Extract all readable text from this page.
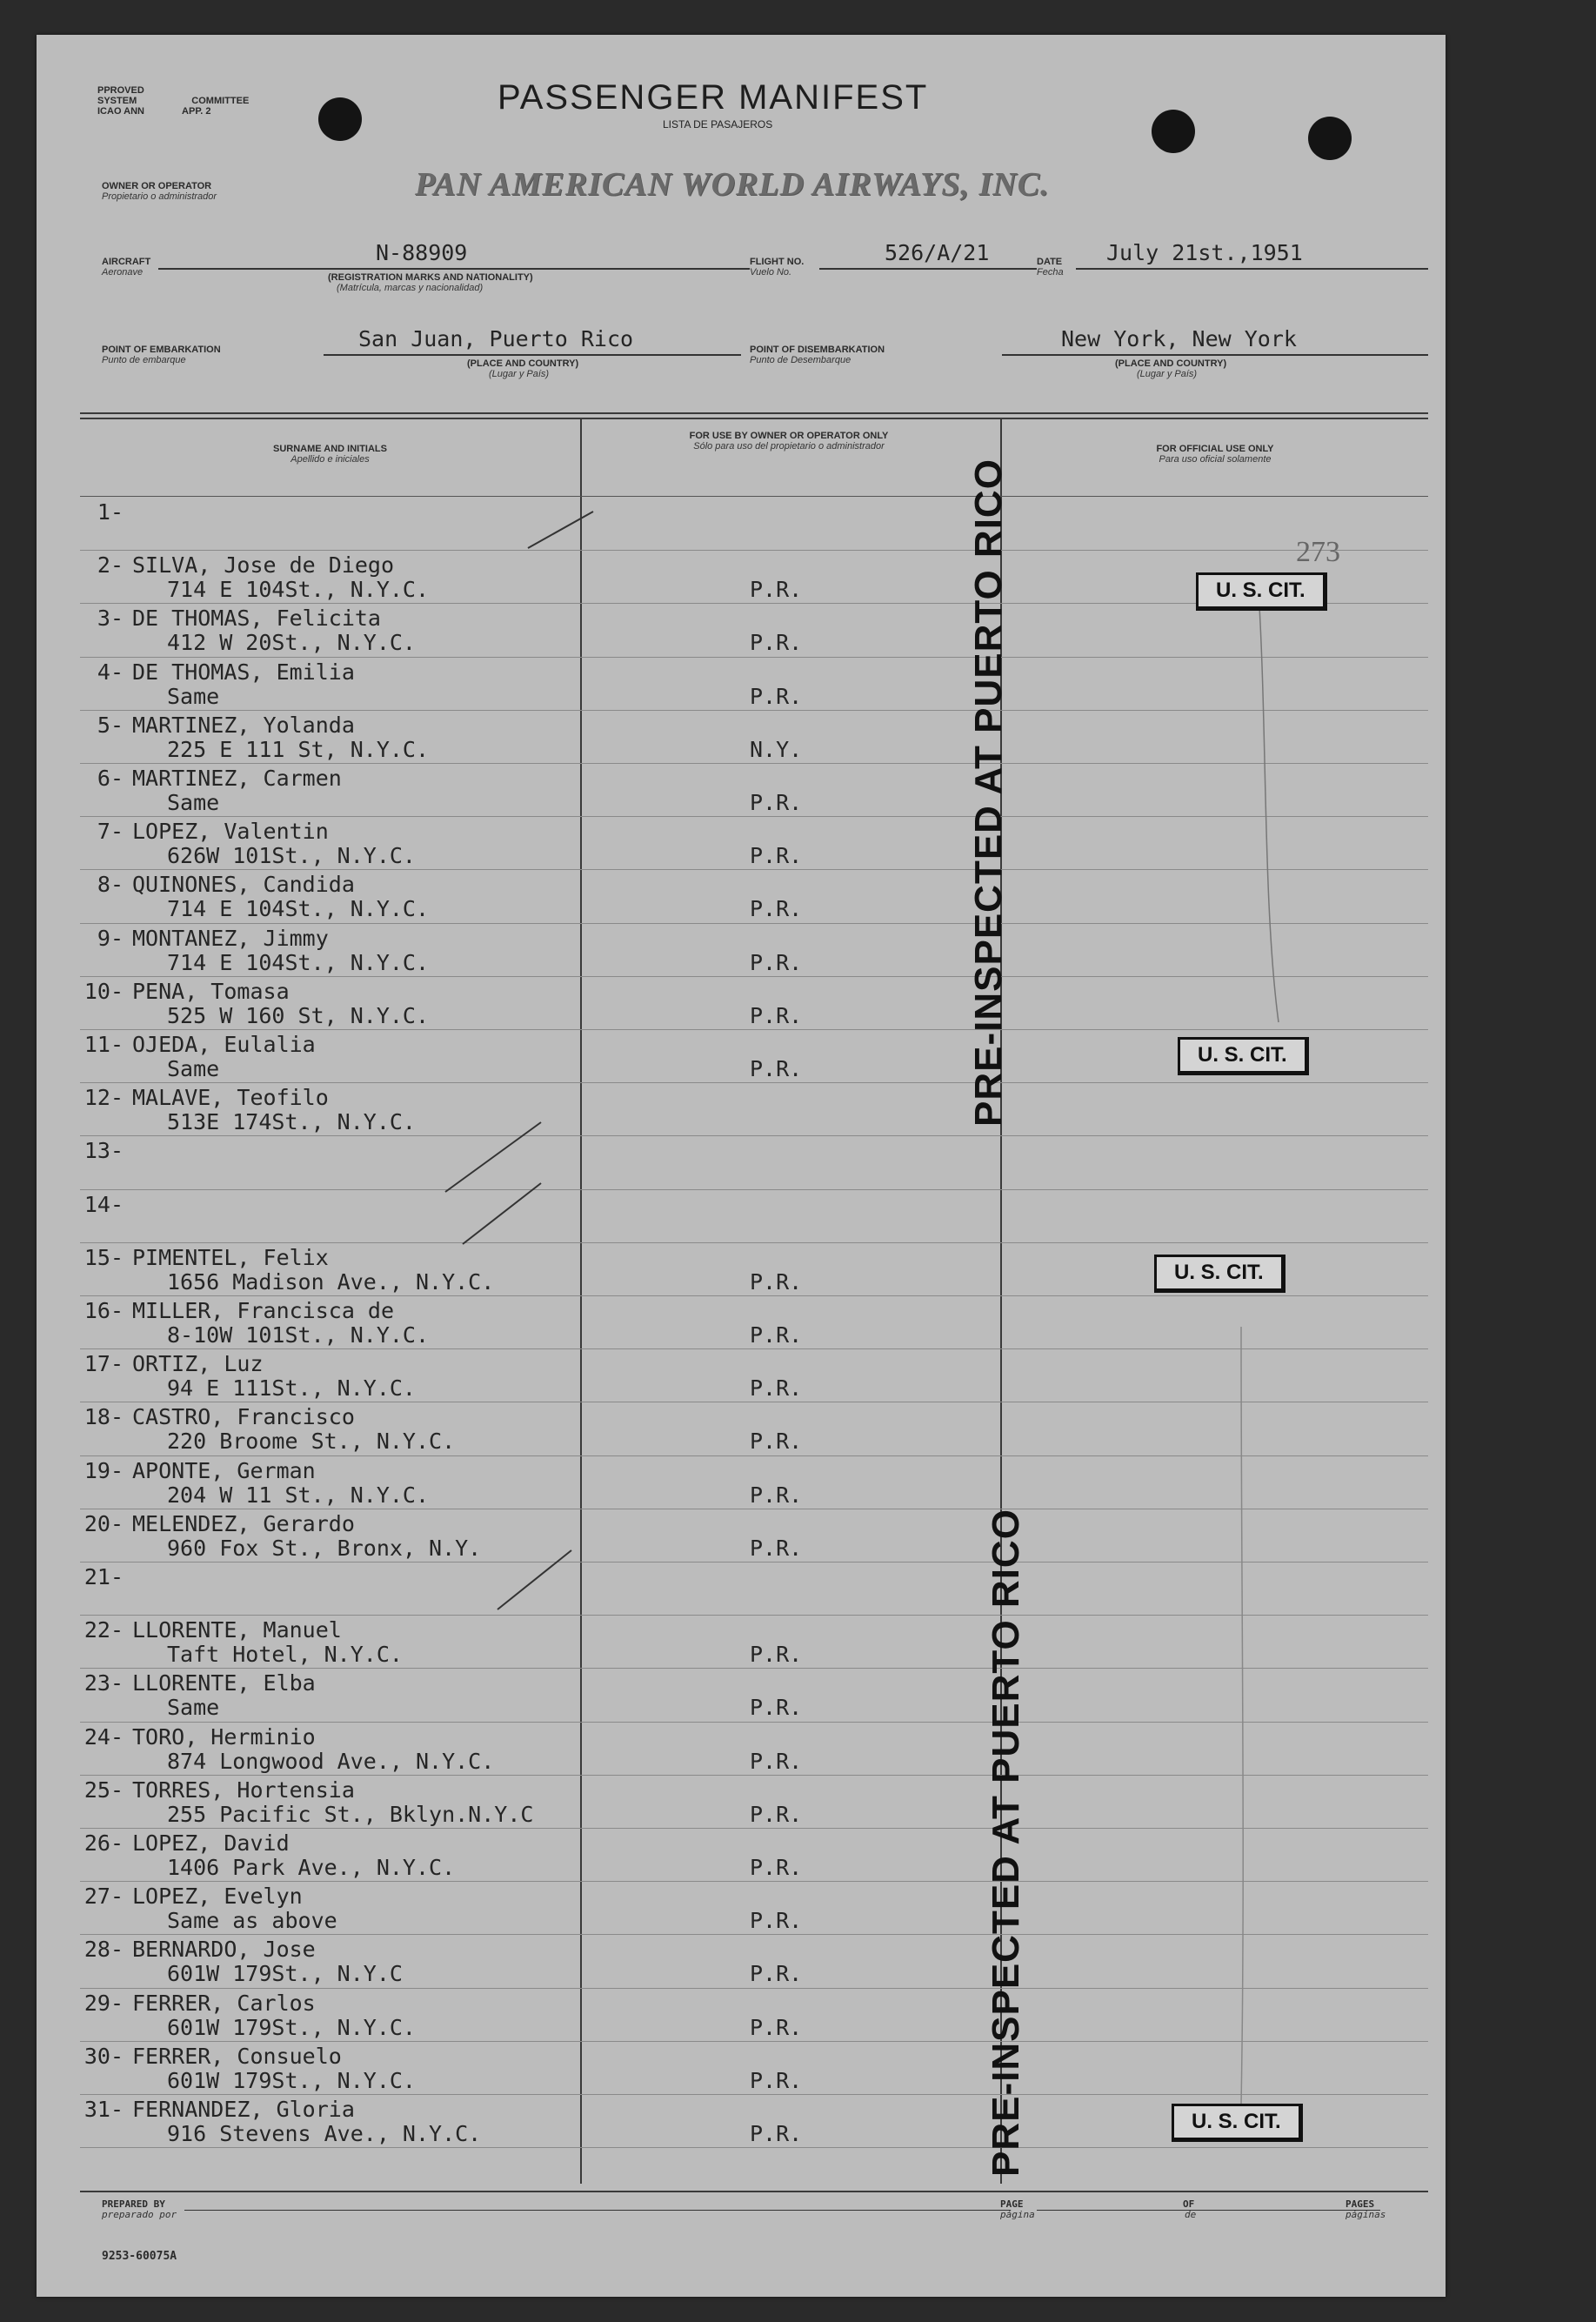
PPROVED
SYSTEM	COMMITTEE
ICAO ANN	APP. 2	PASSENGER MANIFEST
LISTA DE PASAJEROS
OWNER OR OPERATOR
Propietario o administrador	PAN AMERICAN WORLD AIRWAYS, INC.
AIRCRAFT
Aeronave
N-88909
(REGISTRATION MARKS AND NATIONALITY)
(Matrícula, marcas y nacionalidad)
FLIGHT NO.
Vuelo No.
526/A/21	DATE
Fecha
July 21st.,1951
POINT OF EMBARKATION
Punto de embarque
San Juan, Puerto Rico
(PLACE AND COUNTRY)
(Lugar y País)
POINT OF DISEMBARKATION
Punto de Desembarque
New York, New York
(PLACE AND COUNTRY)
(Lugar y País)
SURNAME AND INITIALS
Apellido e iniciales
FOR USE BY OWNER OR OPERATOR ONLY
Sólo para uso del propietario o administrador	FOR OFFICIAL USE ONLY
Para uso oficial solamente
1-
2- SILVA, Jose de Diego
714 E 104St., N.Y.C.	P.R.
3- DE THOMAS, Felicita
412 W 20St., N.Y.C.	P.R.
4- DE THOMAS, Emilia
Same	P.R.
5- MARTINEZ, Yolanda
225 E 111 St, N.Y.C.	N.Y.
6- MARTINEZ, Carmen
Same	P.R.
7- LOPEZ, Valentin
626W 101St., N.Y.C.	P.R.
8- QUINONES, Candida
714 E 104St., N.Y.C.	P.R.
9- MONTANEZ, Jimmy
714 E 104St., N.Y.C.	P.R.
10- PENA, Tomasa
525 W 160 St, N.Y.C.	P.R.
11- OJEDA, Eulalia
Same	P.R.
12- MALAVE, Teofilo
513E 174St., N.Y.C.
13-
14-
15- PIMENTEL, Felix
1656 Madison Ave., N.Y.C.	P.R.
16- MILLER, Francisca de
8-10W 101St., N.Y.C.	P.R.
17- ORTIZ, Luz
94 E 111St., N.Y.C.	P.R.
18- CASTRO, Francisco
220 Broome St., N.Y.C.	P.R.
19- APONTE, German
204 W 11 St., N.Y.C.	P.R.
20- MELENDEZ, Gerardo
960 Fox St., Bronx, N.Y.	P.R.
21-
22- LLORENTE, Manuel
Taft Hotel, N.Y.C.	P.R.
23- LLORENTE, Elba
Same	P.R.
24- TORO, Herminio
874 Longwood Ave., N.Y.C.	P.R.
25- TORRES, Hortensia
255 Pacific St., Bklyn.N.Y.C	P.R.
26- LOPEZ, David
1406 Park Ave., N.Y.C.	P.R.
27- LOPEZ, Evelyn
Same as above	P.R.
28- BERNARDO, Jose
601W 179St., N.Y.C	P.R.
29- FERRER, Carlos
601W 179St., N.Y.C.	P.R.
30- FERRER, Consuelo
601W 179St., N.Y.C.	P.R.
31- FERNANDEZ, Gloria
916 Stevens Ave., N.Y.C.	P.R.
273
PRE-INSPECTED AT PUERTO RICO
PRE-INSPECTED AT PUERTO RICO
U. S. CIT.
U. S. CIT.
U. S. CIT.
U. S. CIT.
PREPARED BY
preparado por
PAGE
página
OF
de
PAGES
páginas
9253-60075A
